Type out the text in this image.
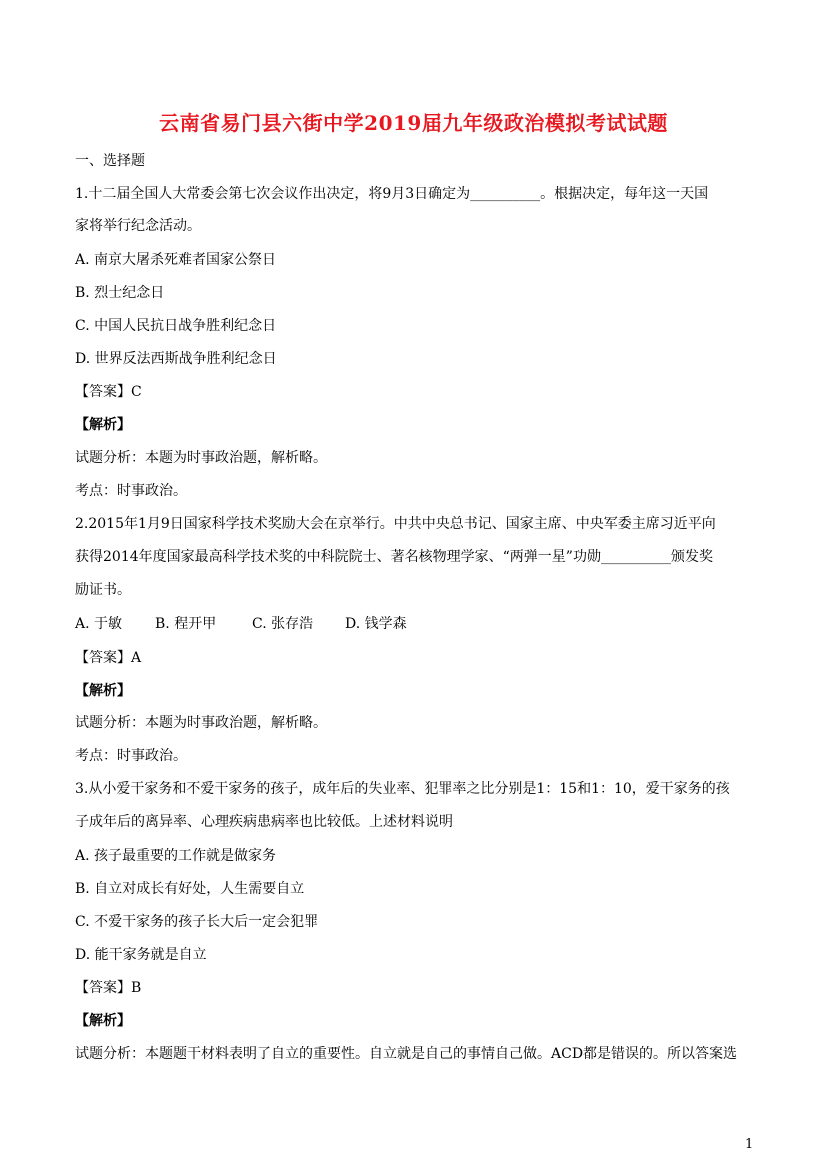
云南省易门县六街中学2019届九年级政治模拟考试试题
一、选择题
1.十二届全国人大常委会第七次会议作出决定，将9月3日确定为__________。根据决定，每年这一天国
家将举行纪念活动。
A. 南京大屠杀死难者国家公祭日
B. 烈士纪念日
C. 中国人民抗日战争胜利纪念日
D. 世界反法西斯战争胜利纪念日
【答案】C
【解析】
试题分析：本题为时事政治题，解析略。
考点：时事政治。
2.2015年1月9日国家科学技术奖励大会在京举行。中共中央总书记、国家主席、中央军委主席习近平向
获得2014年度国家最高科学技术奖的中科院院士、著名核物理学家、“两弹一星”功勋__________颁发奖
励证书。
A. 于敏 B. 程开甲	C. 张存浩 D. 钱学森
【答案】A
【解析】
试题分析：本题为时事政治题，解析略。
考点：时事政治。
3.从小爱干家务和不爱干家务的孩子，成年后的失业率、犯罪率之比分别是1：15和1：10，爱干家务的孩
子成年后的离异率、心理疾病患病率也比较低。上述材料说明
A. 孩子最重要的工作就是做家务
B. 自立对成长有好处，人生需要自立
C. 不爱干家务的孩子长大后一定会犯罪
D. 能干家务就是自立
【答案】B
【解析】
试题分析：本题题干材料表明了自立的重要性。自立就是自己的事情自己做。ACD都是错误的。所以答案选
1
